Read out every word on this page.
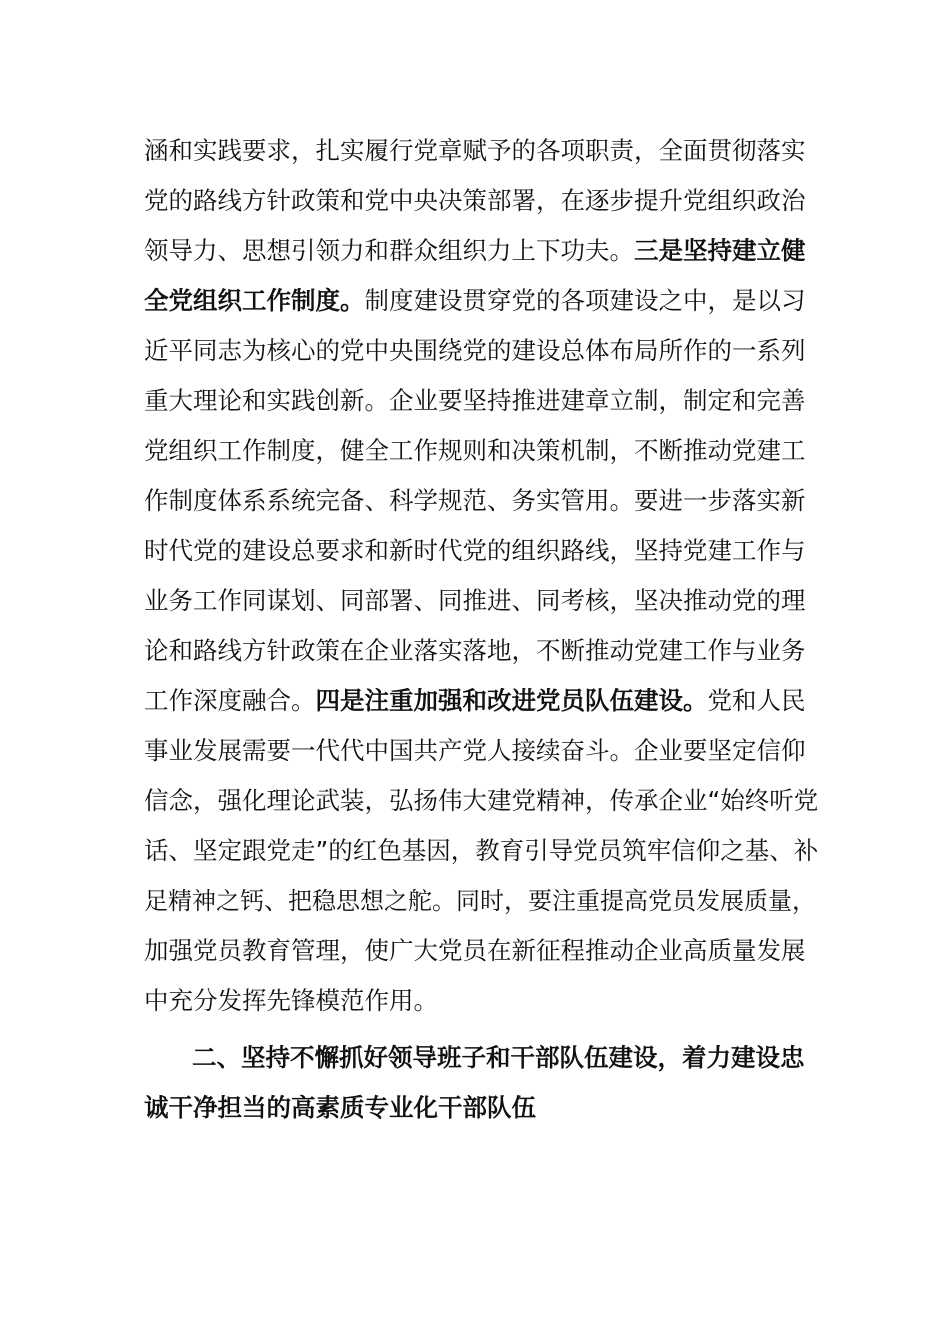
涵和实践要求，扎实履行党章赋予的各项职责，全面贯彻落实
党的路线方针政策和党中央决策部署，在逐步提升党组织政治
领导力、思想引领力和群众组织力上下功夫。三是坚持建立健
全党组织工作制度。制度建设贯穿党的各项建设之中，是以习
近平同志为核心的党中央围绕党的建设总体布局所作的一系列
重大理论和实践创新。企业要坚持推进建章立制，制定和完善
党组织工作制度，健全工作规则和决策机制，不断推动党建工
作制度体系系统完备、科学规范、务实管用。要进一步落实新
时代党的建设总要求和新时代党的组织路线，坚持党建工作与
业务工作同谋划、同部署、同推进、同考核，坚决推动党的理
论和路线方针政策在企业落实落地，不断推动党建工作与业务
工作深度融合。四是注重加强和改进党员队伍建设。党和人民
事业发展需要一代代中国共产党人接续奋斗。企业要坚定信仰
信念，强化理论武装，弘扬伟大建党精神，传承企业“始终听党
话、坚定跟党走”的红色基因，教育引导党员筑牢信仰之基、补
足精神之钙、把稳思想之舵。同时，要注重提高党员发展质量，
加强党员教育管理，使广大党员在新征程推动企业高质量发展
中充分发挥先锋模范作用。
二、坚持不懈抓好领导班子和干部队伍建设，着力建设忠
诚干净担当的高素质专业化干部队伍
